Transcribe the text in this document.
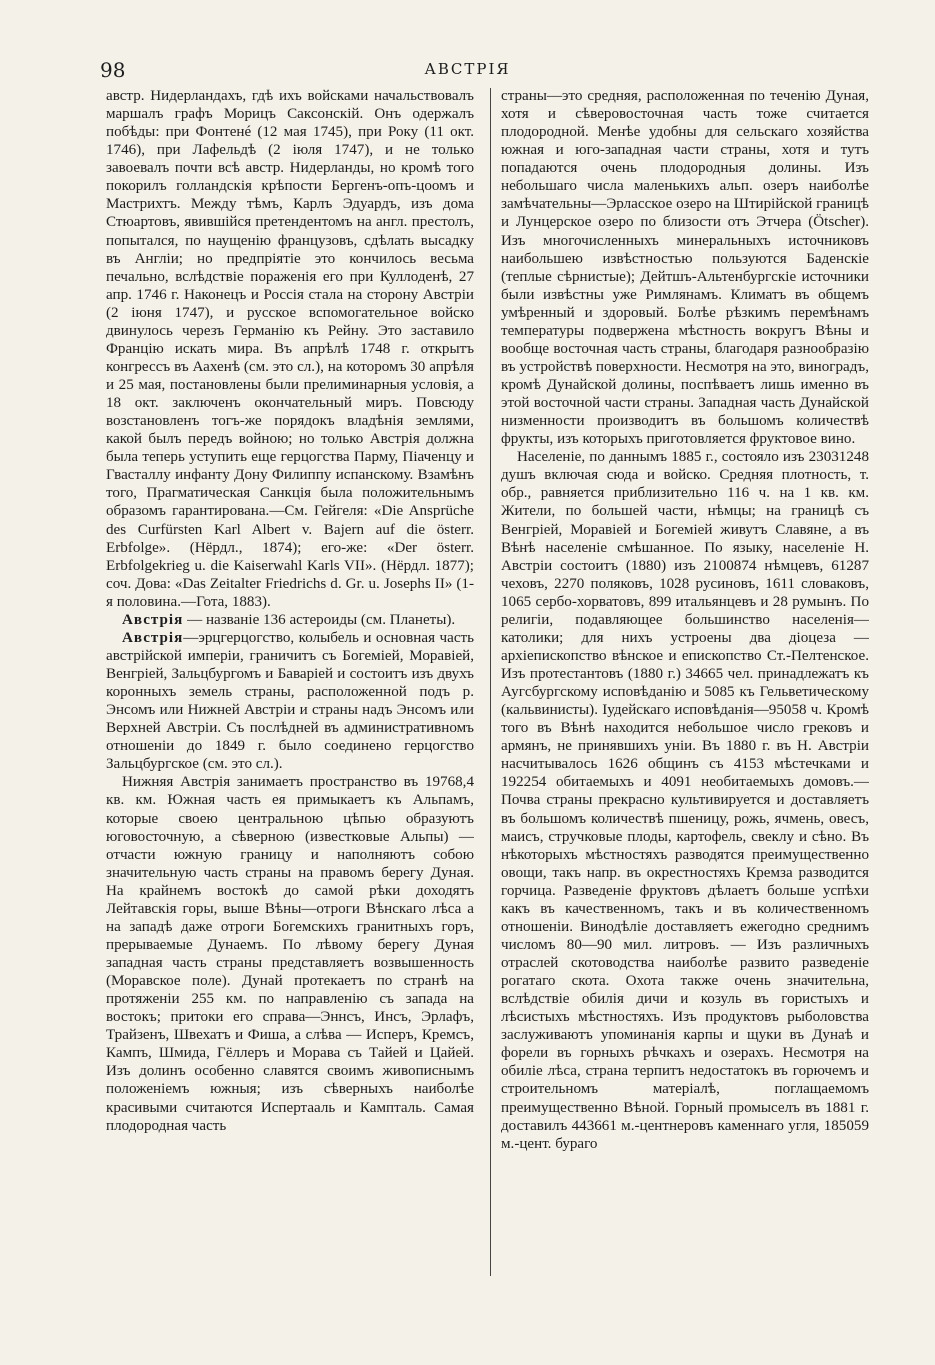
98	АВСТРІЯ

австр. Нидерландахъ, гдѣ ихъ войсками начальствовалъ маршалъ графъ Морицъ Саксонскій. Онъ одержалъ побѣды: при Фонтенé (12 мая 1745), при Року (11 окт. 1746), при Лафельдѣ (2 іюля 1747), и не только завоевалъ почти всѣ австр. Нидерланды, но кромѣ того покорилъ голландскія крѣпости Бергенъ-опъ-цоомъ и Мастрихтъ. Между тѣмъ, Карлъ Эдуардъ, изъ дома Стюартовъ, явившійся претендентомъ на англ. престолъ, попытался, по наущенію французовъ, сдѣлать высадку въ Англіи; но предпріятіе это кончилось весьма печально, вслѣдствіе пораженія его при Куллоденѣ, 27 апр. 1746 г. Наконецъ и Россія стала на сторону Австріи (2 іюня 1747), и русское вспомогательное войско двинулось черезъ Германію къ Рейну. Это заставило Францію искать мира. Въ апрѣлѣ 1748 г. открытъ конгрессъ въ Аахенѣ (см. это сл.), на которомъ 30 апрѣля и 25 мая, постановлены были прелиминарныя условія, а 18 окт. заключенъ окончательный миръ. Повсюду возстановленъ тогъ-же порядокъ владѣнія землями, какой былъ передъ войною; но только Австрія должна была теперь уступить еще герцогства Парму, Піаченцу и Гвасталлу инфанту Дону Филиппу испанскому. Взамѣнъ того, Прагматическая Санкція была положительнымъ образомъ гарантирована.—См. Гейгеля: «Die Ansprüche des Curfürsten Karl Albert v. Bajern auf die österr. Erbfolge». (Нёрдл., 1874); его-же: «Der österr. Erbfolgekrieg u. die Kaiserwahl Karls VII». (Нёрдл. 1877); соч. Дова: «Das Zeitalter Friedrichs d. Gr. u. Josephs II» (1-я половина.—Гота, 1883).

Австрія — названіе 136 астероиды (см. Планеты).

Австрія—эрцгерцогство, колыбель и основная часть австрійской имперіи, граничитъ съ Богеміей, Моравіей, Венгріей, Зальцбургомъ и Баваріей и состоитъ изъ двухъ коронныхъ земель страны, расположенной подъ р. Энсомъ или Нижней Австріи и страны надъ Энсомъ или Верхней Австріи. Съ послѣдней въ административномъ отношеніи до 1849 г. было соединено герцогство Зальцбургское (см. это сл.).

Нижняя Австрія занимаетъ пространство въ 19768,4 кв. км. Южная часть ея примыкаетъ къ Альпамъ, которые своею центральною цѣпью образуютъ юговосточную, а сѣверною (известковые Альпы) — отчасти южную границу и наполняютъ собою значительную часть страны на правомъ берегу Дуная. На крайнемъ востокѣ до самой рѣки доходятъ Лейтавскія горы, выше Вѣны—отроги Вѣнскаго лѣса а на западѣ даже отроги Богемскихъ гранитныхъ горъ, прерываемые Дунаемъ. По лѣвому берегу Дуная западная часть страны представляетъ возвышенность (Моравское поле). Дунай протекаетъ по странѣ на протяженіи 255 км. по направленію съ запада на востокъ; притоки его справа—Эннсъ, Инсъ, Эрлафъ, Трайзенъ, Швехатъ и Фиша, а слѣва — Исперъ, Кремсъ, Кампъ, Шмида, Гёллеръ и Морава съ Тайей и Цайей. Изъ долинъ особенно славятся своимъ живописнымъ положеніемъ южныя; изъ сѣверныхъ наиболѣе красивыми считаются Испертааль и Кампталь. Самая плодородная часть

страны—это средняя, расположенная по теченію Дуная, хотя и сѣверовосточная часть тоже считается плодородной. Менѣе удобны для сельскаго хозяйства южная и юго-западная части страны, хотя и тутъ попадаются очень плодородныя долины. Изъ небольшаго числа маленькихъ альп. озеръ наиболѣе замѣчательны—Эрласское озеро на Штирійской границѣ и Лунцерское озеро по близости отъ Этчера (Ötscher). Изъ многочисленныхъ минеральныхъ источниковъ наибольшею извѣстностью пользуются Баденскіе (теплые сѣрнистые); Дейтшъ-Альтенбургскіе источники были извѣстны уже Римлянамъ. Климатъ въ общемъ умѣренный и здоровый. Болѣе рѣзкимъ перемѣнамъ температуры подвержена мѣстность вокругъ Вѣны и вообще восточная часть страны, благодаря разнообразію въ устройствѣ поверхности. Несмотря на это, виноградъ, кромѣ Дунайской долины, поспѣваетъ лишь именно въ этой восточной части страны. Западная часть Дунайской низменности производитъ въ большомъ количествѣ фрукты, изъ которыхъ приготовляется фруктовое вино.

Населеніе, по даннымъ 1885 г., состояло изъ 23031248 душъ включая сюда и войско. Средняя плотность, т. обр., равняется приблизительно 116 ч. на 1 кв. км. Жители, по большей части, нѣмцы; на границѣ съ Венгріей, Моравіей и Богеміей живутъ Славяне, а въ Вѣнѣ населеніе смѣшанное. По языку, населеніе Н. Австріи состоитъ (1880) изъ 2100874 нѣмцевъ, 61287 чеховъ, 2270 поляковъ, 1028 русиновъ, 1611 словаковъ, 1065 сербо-хорватовъ, 899 итальянцевъ и 28 румынъ. По религіи, подавляющее большинство населенія—католики; для нихъ устроены два діоцеза — архіепископство вѣнское и епископство Ст.-Пелтенское. Изъ протестантовъ (1880 г.) 34665 чел. принадлежатъ къ Аугсбургскому исповѣданію и 5085 къ Гельветическому (кальвинисты). Іудейскаго исповѣданія—95058 ч. Кромѣ того въ Вѣнѣ находится небольшое число грековъ и армянъ, не принявшихъ уніи. Въ 1880 г. въ Н. Австріи насчитывалось 1626 общинъ съ 4153 мѣстечками и 192254 обитаемыхъ и 4091 необитаемыхъ домовъ.—Почва страны прекрасно культивируется и доставляетъ въ большомъ количествѣ пшеницу, рожь, ячмень, овесъ, маисъ, стручковые плоды, картофель, свеклу и сѣно. Въ нѣкоторыхъ мѣстностяхъ разводятся преимущественно овощи, такъ напр. въ окрестностяхъ Кремза разводится горчица. Разведеніе фруктовъ дѣлаетъ больше успѣхи какъ въ качественномъ, такъ и въ количественномъ отношеніи. Винодѣліе доставляетъ ежегодно среднимъ числомъ 80—90 мил. литровъ. — Изъ различныхъ отраслей скотоводства наиболѣе развито разведеніе рогатаго скота. Охота также очень значительна, вслѣдствіе обилія дичи и козуль въ гористыхъ и лѣсистыхъ мѣстностяхъ. Изъ продуктовъ рыболовства заслуживаютъ упоминанія карпы и щуки въ Дунаѣ и форели въ горныхъ рѣчкахъ и озерахъ. Несмотря на обиліе лѣса, страна терпитъ недостатокъ въ горючемъ и строительномъ матеріалѣ, поглащаемомъ преимущественно Вѣной. Горный промыселъ въ 1881 г. доставилъ 443661 м.-центнеровъ каменнаго угля, 185059 м.-цент. бураго
